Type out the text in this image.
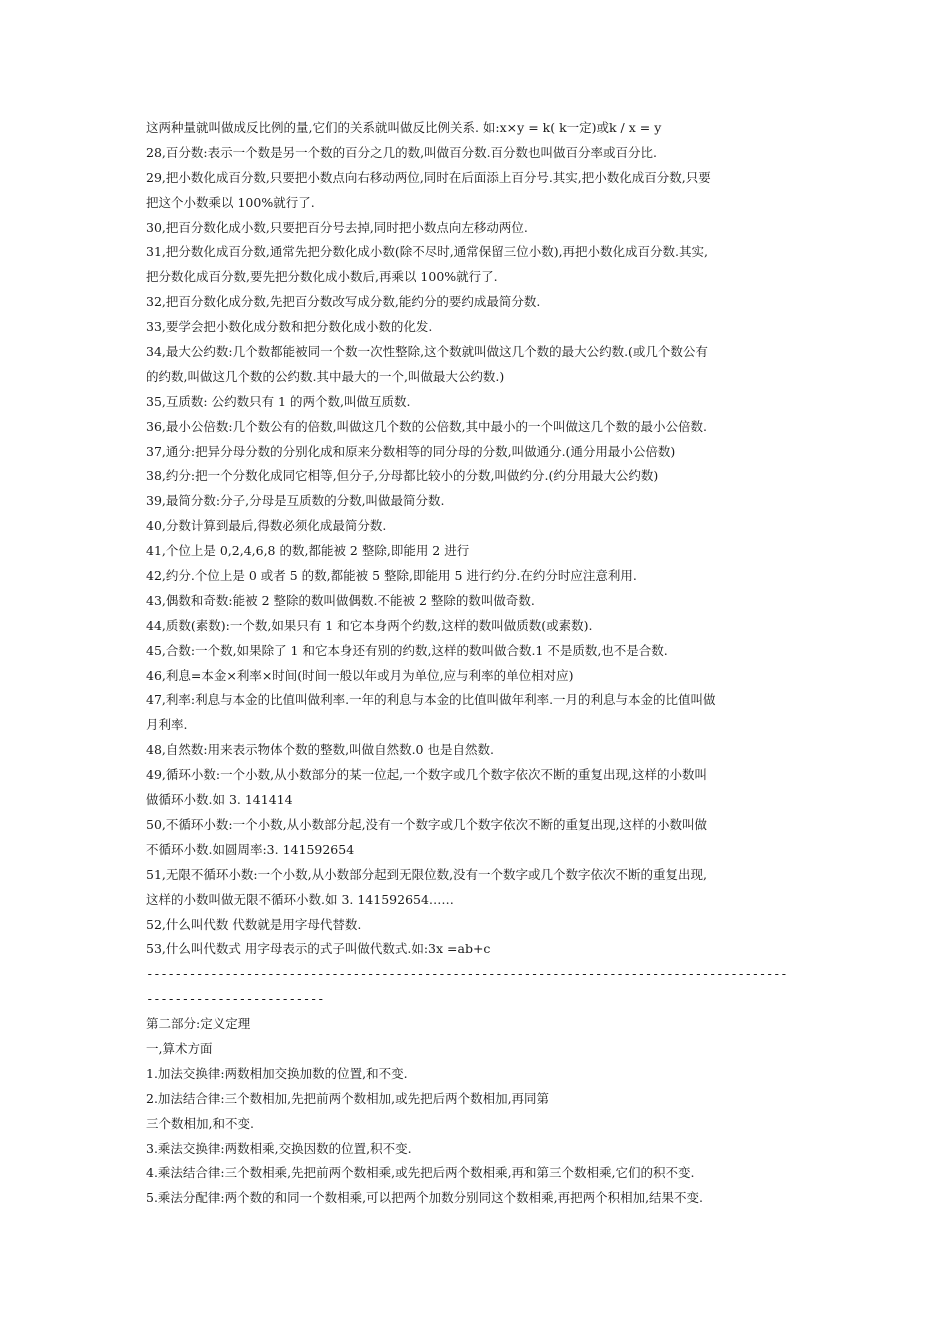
这两种量就叫做成反比例的量,它们的关系就叫做反比例关系. 如:x×y = k( k一定)或k / x = y
28,百分数:表示一个数是另一个数的百分之几的数,叫做百分数.百分数也叫做百分率或百分比.
29,把小数化成百分数,只要把小数点向右移动两位,同时在后面添上百分号.其实,把小数化成百分数,只要
把这个小数乘以 100%就行了.
30,把百分数化成小数,只要把百分号去掉,同时把小数点向左移动两位.
31,把分数化成百分数,通常先把分数化成小数(除不尽时,通常保留三位小数),再把小数化成百分数.其实,
把分数化成百分数,要先把分数化成小数后,再乘以 100%就行了.
32,把百分数化成分数,先把百分数改写成分数,能约分的要约成最简分数.
33,要学会把小数化成分数和把分数化成小数的化发.
34,最大公约数:几个数都能被同一个数一次性整除,这个数就叫做这几个数的最大公约数.(或几个数公有
的约数,叫做这几个数的公约数.其中最大的一个,叫做最大公约数.)
35,互质数: 公约数只有 1 的两个数,叫做互质数.
36,最小公倍数:几个数公有的倍数,叫做这几个数的公倍数,其中最小的一个叫做这几个数的最小公倍数.
37,通分:把异分母分数的分别化成和原来分数相等的同分母的分数,叫做通分.(通分用最小公倍数)
38,约分:把一个分数化成同它相等,但分子,分母都比较小的分数,叫做约分.(约分用最大公约数)
39,最简分数:分子,分母是互质数的分数,叫做最简分数.
40,分数计算到最后,得数必须化成最简分数.
41,个位上是 0,2,4,6,8 的数,都能被 2 整除,即能用 2 进行
42,约分.个位上是 0 或者 5 的数,都能被 5 整除,即能用 5 进行约分.在约分时应注意利用.
43,偶数和奇数:能被 2 整除的数叫做偶数.不能被 2 整除的数叫做奇数.
44,质数(素数):一个数,如果只有 1 和它本身两个约数,这样的数叫做质数(或素数).
45,合数:一个数,如果除了 1 和它本身还有别的约数,这样的数叫做合数.1 不是质数,也不是合数.
46,利息=本金×利率×时间(时间一般以年或月为单位,应与利率的单位相对应)
47,利率:利息与本金的比值叫做利率.一年的利息与本金的比值叫做年利率.一月的利息与本金的比值叫做
月利率.
48,自然数:用来表示物体个数的整数,叫做自然数.0 也是自然数.
49,循环小数:一个小数,从小数部分的某一位起,一个数字或几个数字依次不断的重复出现,这样的小数叫
做循环小数.如 3. 141414
50,不循环小数:一个小数,从小数部分起,没有一个数字或几个数字依次不断的重复出现,这样的小数叫做
不循环小数.如圆周率:3. 141592654
51,无限不循环小数:一个小数,从小数部分起到无限位数,没有一个数字或几个数字依次不断的重复出现,
这样的小数叫做无限不循环小数.如 3. 141592654……
52,什么叫代数 代数就是用字母代替数.
53,什么叫代数式 用字母表示的式子叫做代数式.如:3x =ab+c
------------------------------------------------------------------------------------------
-------------------------
第二部分:定义定理
一,算术方面
1.加法交换律:两数相加交换加数的位置,和不变.
2.加法结合律:三个数相加,先把前两个数相加,或先把后两个数相加,再同第
三个数相加,和不变.
3.乘法交换律:两数相乘,交换因数的位置,积不变.
4.乘法结合律:三个数相乘,先把前两个数相乘,或先把后两个数相乘,再和第三个数相乘,它们的积不变.
5.乘法分配律:两个数的和同一个数相乘,可以把两个加数分别同这个数相乘,再把两个积相加,结果不变.
